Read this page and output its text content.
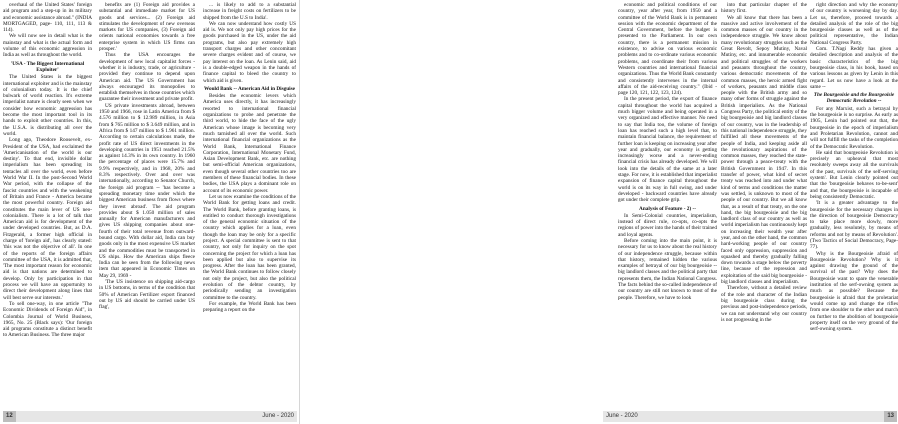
overhaul of the United States' foreign aid program and a step-up in its military and economic assistance abroad." (INDIA MORTGAGED, page- 110, 111, 113 & 114).

We will now see in detail what is the mainstay and what is the actual form and volume of this economic aggression in India as well as throughout the world.

'USA - The Biggest International Exploiter'

The United States is the biggest international exploiter and is the mainstay of colonialism today. It is the chief bulwark of world reaction. It's extreme imperialist nature is clearly seen when we consider how economic aggression has become the most important tool in its hands to exploit other countries. In this, the U.S.A. is distributing all over the world.

Long ago, Theodore Roosevelt, ex-President of the USA, had exclaimed the 'Americanisation of the world is our destiny'. To that end, invisible dollar imperialism has been spreading its tentacles all over the world, even before World War II. In the post-Second World War period, with the collapse of the fascist countries and with the weakening of Britain and France - America became the most powerful country. Foreign aid constitutes the main lever of US neo-colonialism. There is a lot of talk that American aid is for development of the under developed countries. But, as D.A. Fitzgerald, a former high official in charge of 'foreign aid', has clearly stated: 'this was not the objective of all'. In one of the reports of the foreign affairs committee of the USA, it is admitted that, 'The most important reason for economic aid is that nations are determined to develop. Only by participation in that process we will have an opportunity to direct their development along lines that will best serve our interests.'

To sell one-way, in one article "The Economic Dividends of Foreign Aid", in Colombia Journal of World Business, 1965, No. 25 (Black says): 'Our foreign aid programs constitute a distinct benefit to American Business. The three major

benefits are (1) Foreign aid provides a substantial and immediate market for US goods and services... (2) Foreign aid stimulates the development of new overseas markets for US companies, (3) Foreign aid orients national economies towards a free enterprise system in which US firms can prosper.'

Thus the USA encourages the development of new local capitalist forces - whether it is industry, trade, or agriculture - provided they continue to depend upon American aid. The US Government has always encouraged its monopolies to establish themselves in those countries which guarantee their investment and private profit.

US private investments abroad, between 1950 and 1966, rose in Latin America from $ 4.576 million to $ 12.989 million, in Asia from $ 765 million to $ 3.649 million, and in Africa from $ 147 million to $ 1.961 million. According to certain calculations made, the profit rate of US direct investments in the developing countries in 1951 reached 21.5% as against 14.3% in its own country. In 1960 the percentage of places were 15.7% and 9.9% respectively, and in 1968, 20% and 8.3% respectively. Over and over was internationally, according to Senator Church, the foreign aid program -- 'has become a spreading monetary time under which the biggest American business from flows where they invest abroad'. The aid program provides about $ 1.050 million of sales annually for American manufacturers and gives US shipping companies about one-fourth of their total revenue from outward-bound cargo. With dollar aid, India can buy goods only in the most expensive US market and the commodities must be transported in US ships. How the American ships fleece India can be seen from the following news item that appeared in Economic Times on May 29, 1969 -

'The US insistence on shipping aid-cargo in US bottoms, in terms of the condition that 50% of American Fertilizer export financed out by US aid should be carried under US flag',

... is likely to add to a substantial increase in freight costs on fertilizers to be shipped from the U.S to India'.

We can now understand how costly US aid is. We not only pay high prices for the goods purchased in the US, under the aid programs, but also pay extremely high transport charges and other concomitant severe charges evident and of course, we pay interest on the loan. As Lenin said, aid is a double-edged weapon in the hands of finance capital to bleed the country to which aid is given.

Would Bank -- American Aid in Disguise

Besides the economic levers which America uses directly, it has increasingly resorted to international financial organizations to probe and penetrate the third world, to hide the face of the ugly American whose image is becoming very much tarnished all over the world. Such international financial organizations as the World Bank, International Finance Corporation, International Monetary Fund, Asian Development Bank, etc. are nothing but semi-official American organizations, even though several other countries too are members of these financial bodies. In these bodies, the USA plays a dominant role on account of its economic power.

Let us now examine the conditions of the World Bank for getting loans and credit. The World Bank, before granting loans, is entitled to conduct thorough investigations of the general economic situation of the country which applies for a loan, even though the loan may be only for a specific project. A special committee is sent to that country, not only for inquiry on the spot concerning the project for which a loan has been applied but also to supervise its progress. After the loan has been granted, the World Bank continues to follow closely not only the project, but also the political evolution of the debtor country, by periodically sending an investigation committee to the country.

For example, the World Bank has been preparing a report on the

12	June - 2020

economic and political conditions of our country, year after year, from 1950 and a committee of the World Bank is in permanent session with the economic department of the Central Government, before the budget is presented to the Parliament. In our own country, there is a permanent mission in existence, to advise on various economic problems and to co-ordinate various economic problems, and coordinate their from various Western countries and international financial organizations. Thus the World Bank constantly and consistently intervenes in the internal affairs of the aid-receiving country." (Ibid - page 120, 121, 122, 123, 124).

In the present period, the export of finance capital throughout the world has acquired a much bigger volume and being operated in a very organized and effective manner. No need to say that India too, the volume of foreign loan has reached such a high level that, to maintain financial balance, the requirement of further loan is keeping on increasing year after year and gradually, our economy is getting increasingly worse and a never-ending financial crisis has already developed. We will look into the details of the same at a later stage. For now, it is established that imperialist expansion of finance capital throughout the world is on its way in full swing, and under developed - backward countries have already got under their complete grip.

Analysis of Feature - 2) --

In Semi-Colonial countries, imperialism, instead of direct rule, co-opts, co-opts the regions of power into the hands of their trained and loyal agents.

Before coming into the main point, it is necessary for us to know about the real history of our independence struggle, because within that history, remained hidden the various examples of betrayal of our big bourgeoisie -- big landlord classes and the political party that represents them, the Indian National Congress. The facts behind the so-called independence of our country are still not known to most of the people. Therefore, we have to look

into that particular chapter of the history first.

We all know that there has been a massive and active involvement of the common masses of our country in the independence struggle. We know about many revolutionary struggles such as the Great Revolt, Sepoy Mutiny, Naval Mutiny, etc. and innumerable economic and political struggles of the workers and peasants throughout the country, various democratic movements of the common masses, the heroic armed fight of workers, peasants and middle class people with the British army and so many other forms of struggle against the British imperialists. As the National Congress Party, the political entity of the big bourgeoisie and big landlord classes of our country, was in the leadership of this national independence struggle, they fulfilled all these movements of the people of India, and keeping aside all the revolutionary aspirations of the common masses, they reached the state-power through a peace-treaty with the British Government in 1947. In this transfer of power, what kind of secret treaty was reached into and under what kind of terms and conditions the matter was settled, is unknown to most of the people of our country. But we all know that, as a result of that treaty, on the one hand, the big bourgeoisie and the big landlord class of our country as well as world imperialism has continuously kept on increasing their wealth year after year, and on the other hand, the common hard-working people of our country faced only oppression, suppression and squashed and thereby gradually falling down towards a stage below the poverty line, because of the repression and exploitation of the said big bourgeoisie - big landlord classes and imperialism.

Therefore, without a detailed review of the role and character of the Indian big bourgeoisie class during the previous and post-independence periods, we can not understand why our country is not progressing in the

right direction and why the economy of our country is worsening day by day. Let us, therefore, proceed towards a detailed analysis of the role of the big bourgeoisie classes as well as of the political representative, the Indian National Congress Party.

Com. T.Nagi Reddy has given a detailed description and analysis of the basic characteristics of the big bourgeoisie class, in his book, based on various lessons as given by Lenin in this regard. Let us now have a look at the same --

The Bourgeoisie and the Bourgeoisie Democratic Revolution --

For any Marxist, such a betrayal by the bourgeoisie is no surprise. As early as 1905, Lenin had pointed out that, the bourgeoisie in the epoch of imperialism and Proletarian Revolution, cannot and will not fulfill the tasks of the completion of the Democratic Revolution.

He said that bourgeoisie Revolution is precisely an upheaval that most resolutely sweeps away all the survivals of the past, survivals of the self-serving system'. But Lenin clearly pointed out that the 'bourgeoisie behaves to-be-sent' and that, the bourgeoisie is incapable of being consistently Democratic.

'It is a greater advantage to the bourgeoisie for the necessary changes in the direction of bourgeoisie Democracy to take place more slowly, more gradually, less resolutely, by means of reforms and not by means of Revolution'. (Two Tactics of Social Democracy, Page- 77).

Why is the Bourgeoisie afraid of Bourgeoisie Revolution? Why is it against drawing the ground of the survival of the past? Why does the Bourgeoisie want to spare the venerable institution of the serf-owning system as much as possible? Because the bourgeoisie is afraid that the proletariat would come up and change the rifles from one shoulder to the other and march on further to the abolition of bourgeoisie property itself on the very ground of the serf-owning system.

June - 2020	13
